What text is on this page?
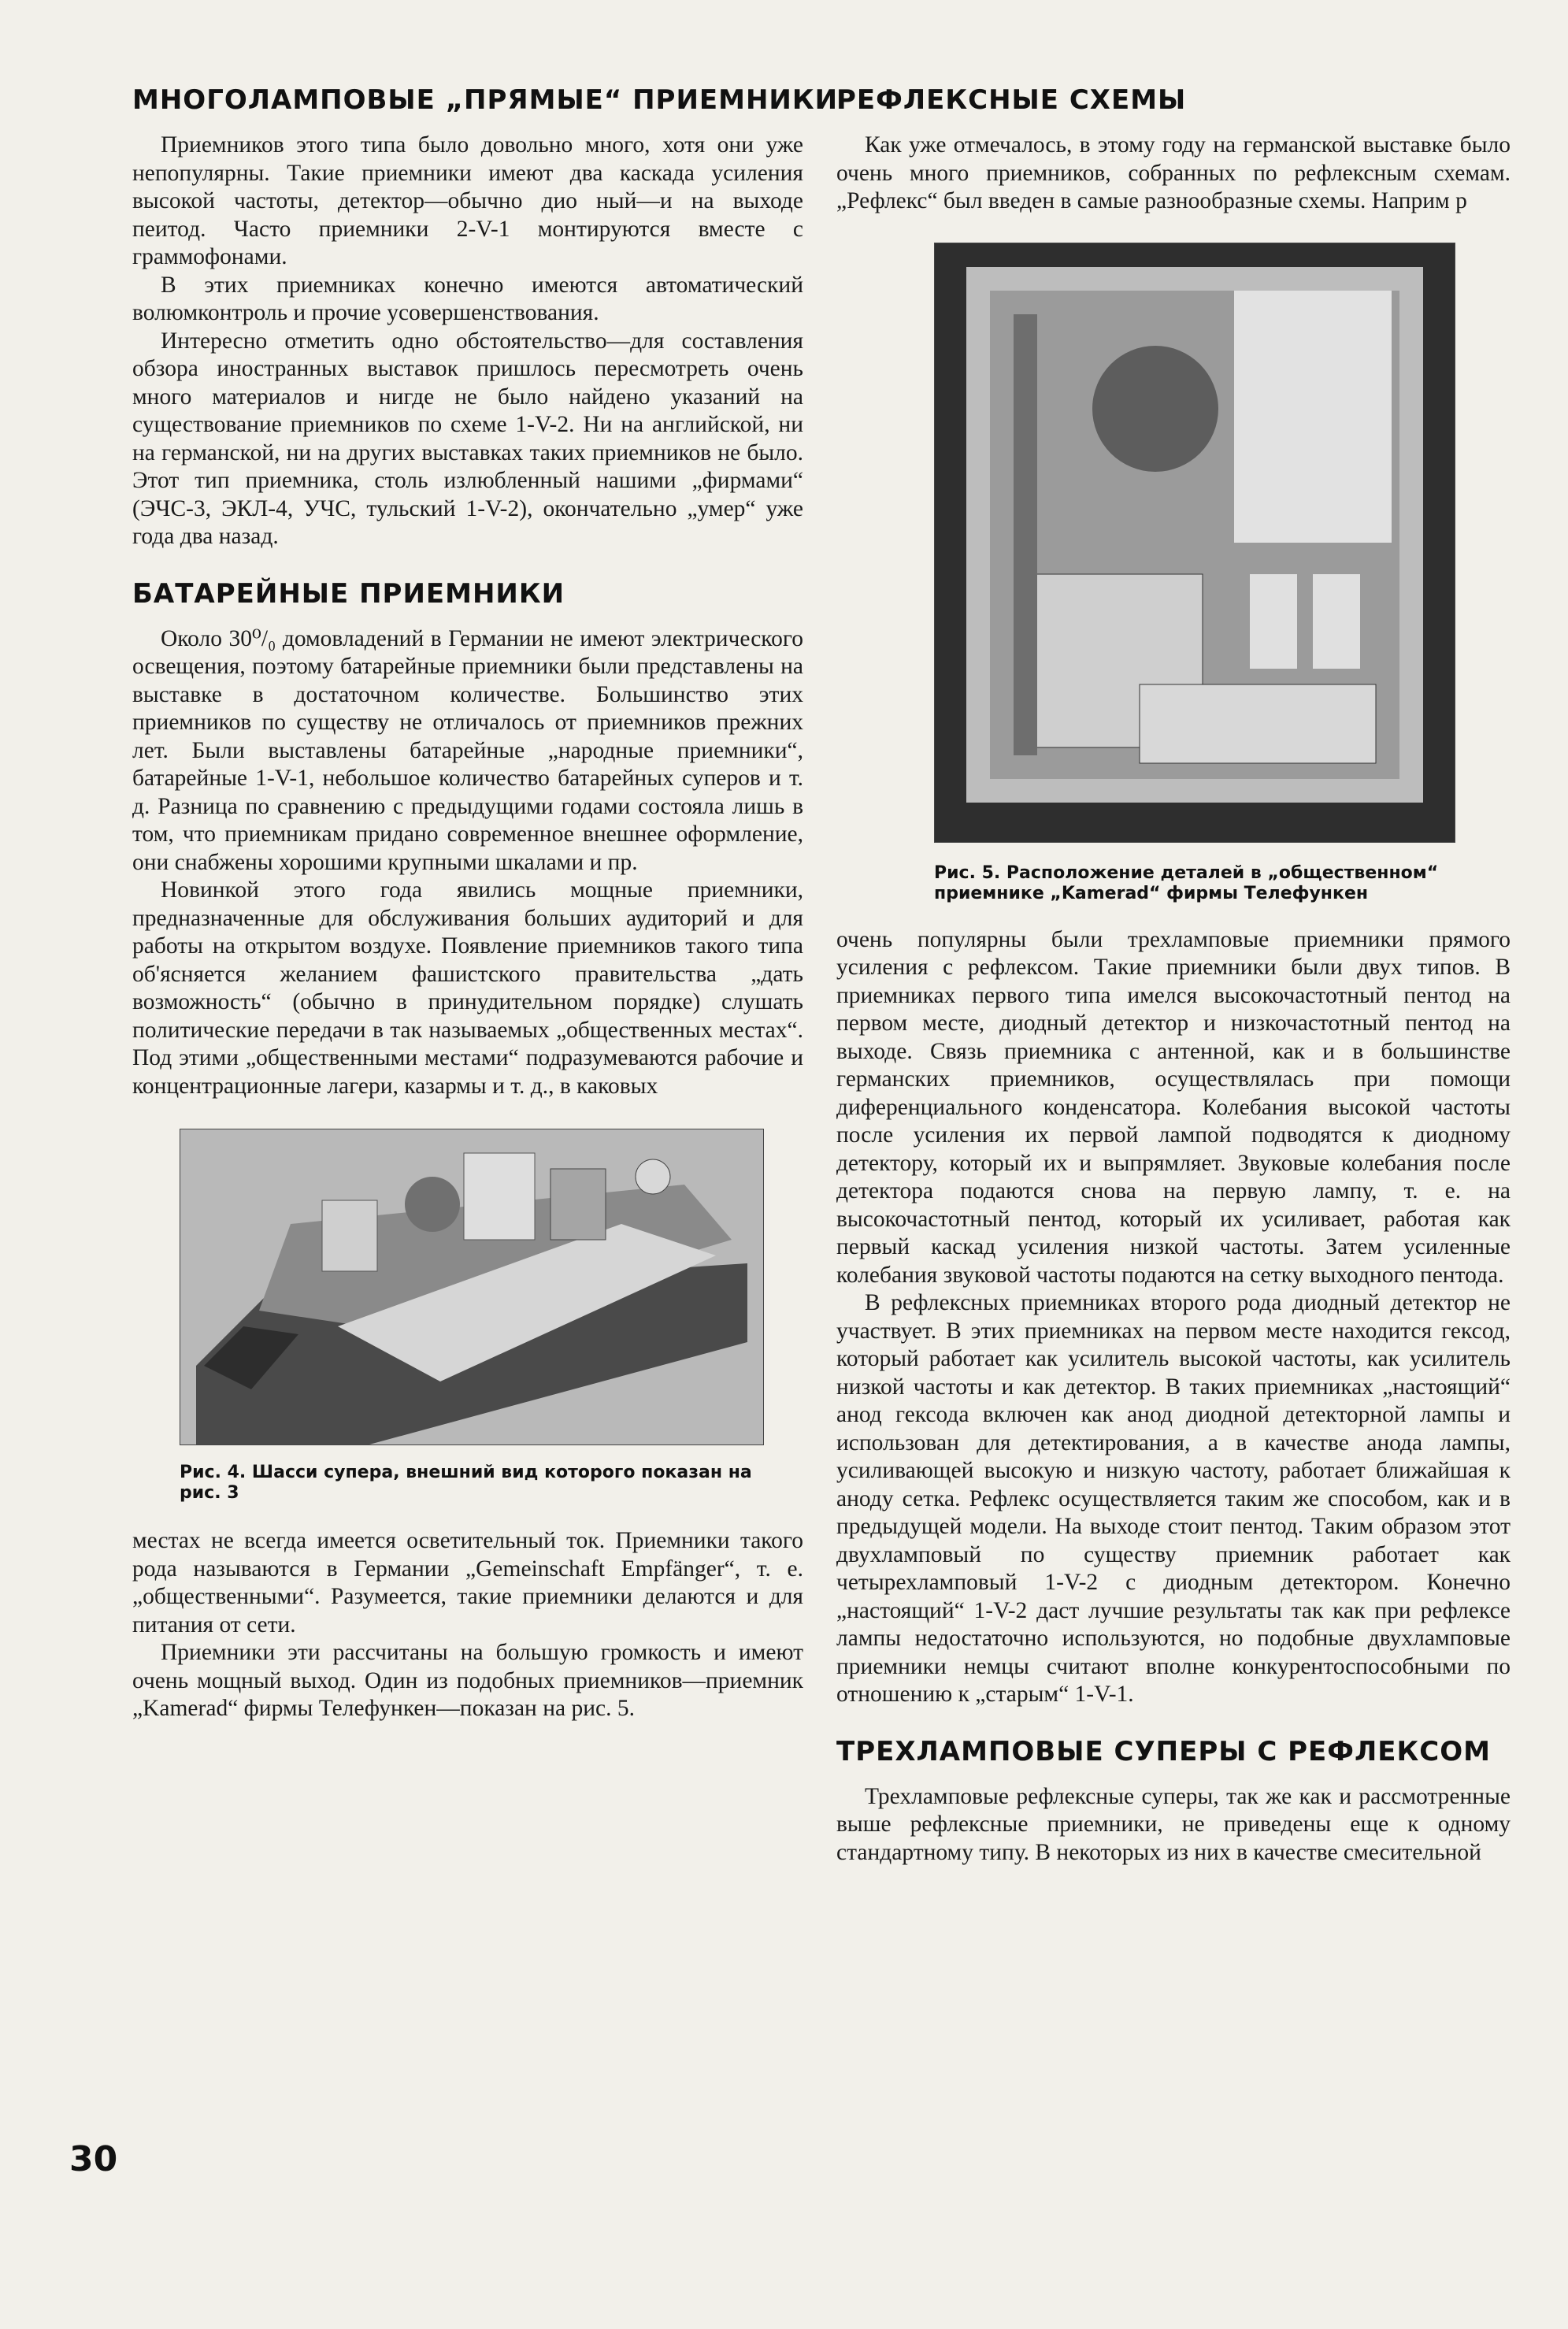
МНОГОЛАМПОВЫЕ „ПРЯМЫЕ“ ПРИЕМНИКИ

Приемников этого типа было довольно много, хотя они уже непопулярны. Такие приемники имеют два каскада усиления высокой частоты, детектор—обычно дио ный—и на выходе пеитод. Часто приемники 2-V-1 монтируются вместе с граммофонами.

В этих приемниках конечно имеются автоматический волюмконтроль и прочие усовершенствования.

Интересно отметить одно обстоятельство—для составления обзора иностранных выставок пришлось пересмотреть очень много материалов и нигде не было найдено указаний на существование приемников по схеме 1-V-2. Ни на английской, ни на германской, ни на других выставках таких приемников не было. Этот тип приемника, столь излюбленный нашими „фирмами“ (ЭЧС-3, ЭКЛ-4, УЧС, тульский 1-V-2), окончательно „умер“ уже года два назад.

БАТАРЕЙНЫЕ ПРИЕМНИКИ

Около 30⁰/₀ домовладений в Германии не имеют электрического освещения, поэтому батарейные приемники были представлены на выставке в достаточном количестве. Большинство этих приемников по существу не отличалось от приемников прежних лет. Были выставлены батарейные „народные приемники“, батарейные 1-V-1, небольшое количество батарейных суперов и т. д. Разница по сравнению с предыдущими годами состояла лишь в том, что приемникам придано современное внешнее оформление, они снабжены хорошими крупными шкалами и пр.

Новинкой этого года явились мощные приемники, предназначенные для обслуживания больших аудиторий и для работы на открытом воздухе. Появление приемников такого типа об'ясняется желанием фашистского правительства „дать возможность“ (обычно в принудительном порядке) слушать политические передачи в так называемых „общественных местах“. Под этими „общественными местами“ подразумеваются рабочие и концентрационные лагери, казармы и т. д., в каковых

Рис. 4. Шасси супера, внешний вид которого показан на рис. 3

местах не всегда имеется осветительный ток. Приемники такого рода называются в Германии „Gemeinschaft Empfänger“, т. е. „общественными“. Разумеется, такие приемники делаются и для питания от сети.

Приемники эти рассчитаны на большую громкость и имеют очень мощный выход. Один из подобных приемников—приемник „Kamerad“ фирмы Телефункен—показан на рис. 5.

РЕФЛЕКСНЫЕ СХЕМЫ

Как уже отмечалось, в этому году на германской выставке было очень много приемников, собранных по рефлексным схемам. „Рефлекс“ был введен в самые разнообразные схемы. Наприм р

Рис. 5. Расположение деталей в „общественном“ приемнике „Kamerad“ фирмы Телефункен

очень популярны были трехламповые приемники прямого усиления с рефлексом. Такие приемники были двух типов. В приемниках первого типа имелся высокочастотный пентод на первом месте, диодный детектор и низкочастотный пентод на выходе. Связь приемника с антенной, как и в большинстве германских приемников, осуществлялась при помощи диференциального конденсатора. Колебания высокой частоты после усиления их первой лампой подводятся к диодному детектору, который их и выпрямляет. Звуковые колебания после детектора подаются снова на первую лампу, т. е. на высокочастотный пентод, который их усиливает, работая как первый каскад усиления низкой частоты. Затем усиленные колебания звуковой частоты подаются на сетку выходного пентода.

В рефлексных приемниках второго рода диодный детектор не участвует. В этих приемниках на первом месте находится гексод, который работает как усилитель высокой частоты, как усилитель низкой частоты и как детектор. В таких приемниках „настоящий“ анод гексода включен как анод диодной детекторной лампы и использован для детектирования, а в качестве анода лампы, усиливающей высокую и низкую частоту, работает ближайшая к аноду сетка. Рефлекс осуществляется таким же способом, как и в предыдущей модели. На выходе стоит пентод. Таким образом этот двухламповый по существу приемник работает как четырехламповый 1-V-2 с диодным детектором. Конечно „настоящий“ 1-V-2 даст лучшие результаты так как при рефлексе лампы недостаточно используются, но подобные двухламповые приемники немцы считают вполне конкурентоспособными по отношению к „старым“ 1-V-1.

ТРЕХЛАМПОВЫЕ СУПЕРЫ С РЕФЛЕКСОМ

Трехламповые рефлексные суперы, так же как и рассмотренные выше рефлексные приемники, не приведены еще к одному стандартному типу. В некоторых из них в качестве смесительной

30
